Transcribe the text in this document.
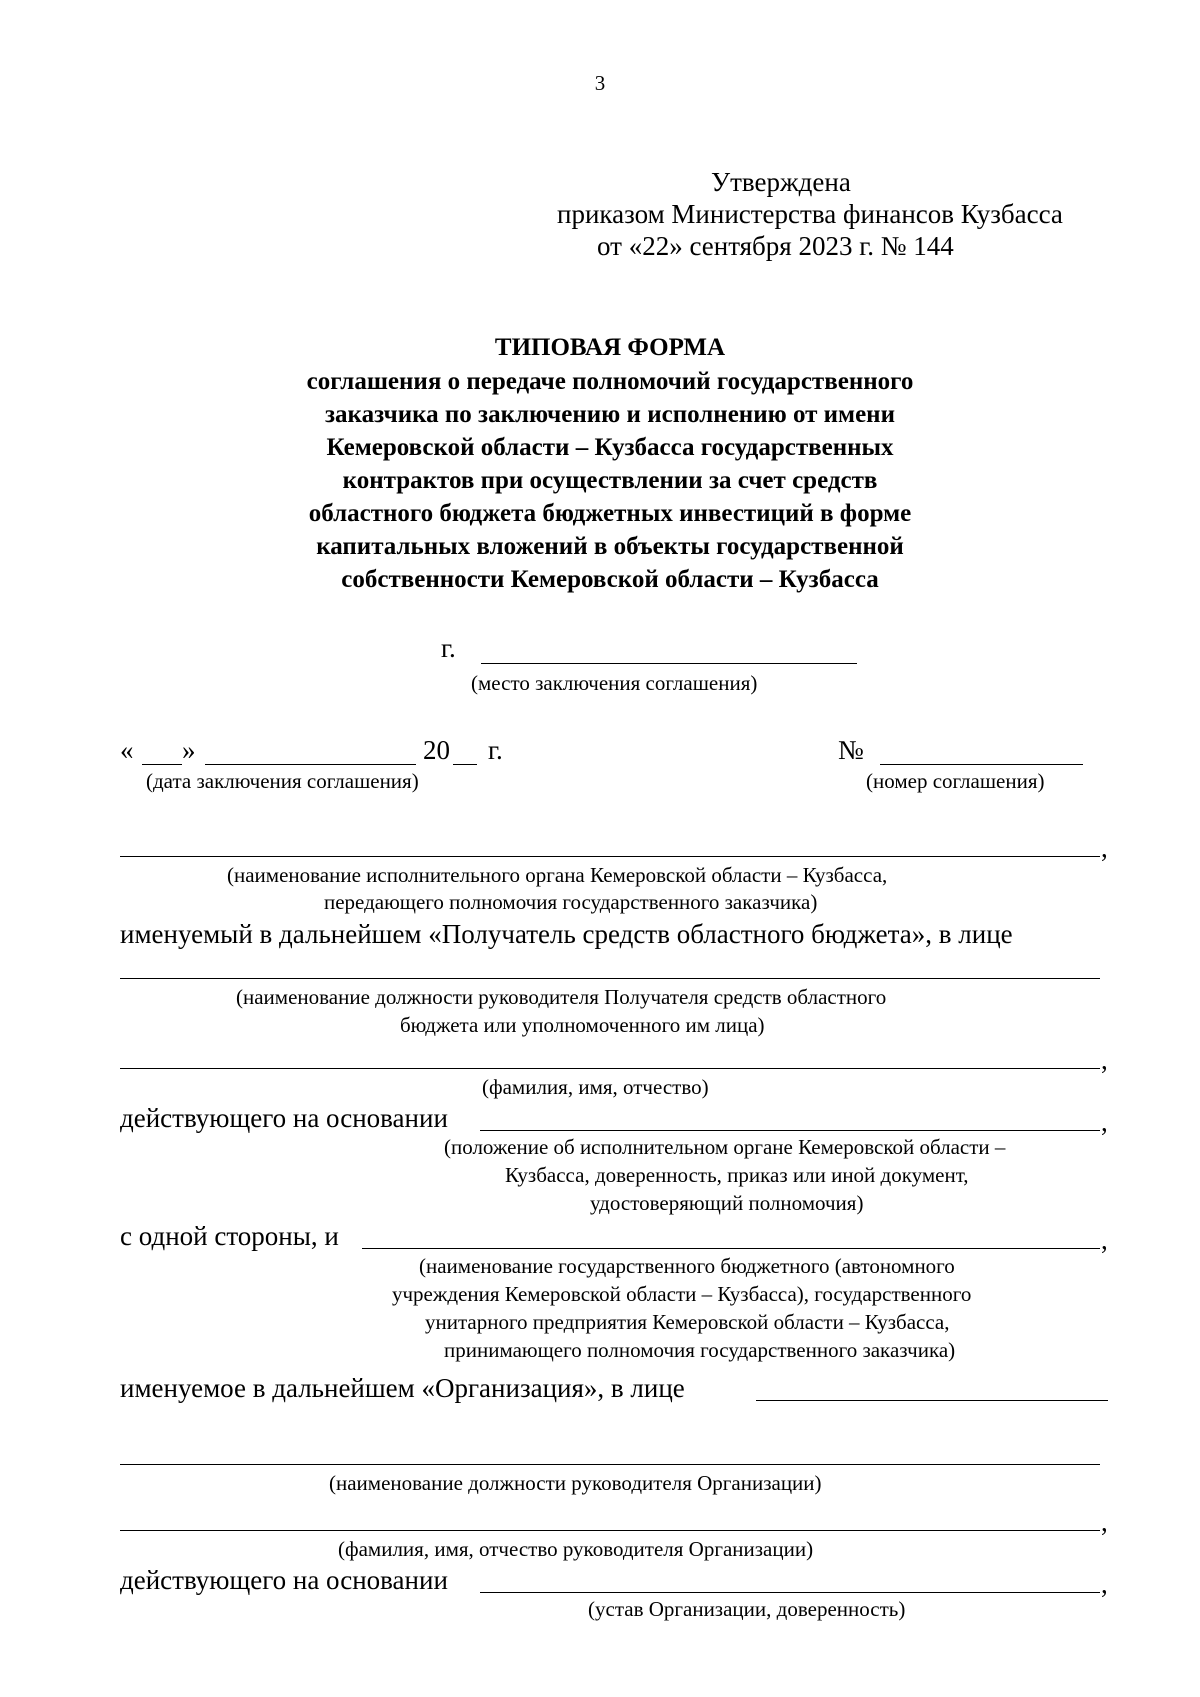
3
Утверждена
приказом Министерства финансов Кузбасса
от «22» сентября 2023 г. № 144
ТИПОВАЯ ФОРМА
соглашения о передаче полномочий государственного
заказчика по заключению и исполнению от имени
Кемеровской области – Кузбасса государственных
контрактов при осуществлении за счет средств
областного бюджета бюджетных инвестиций в форме
капитальных вложений в объекты государственной
собственности Кемеровской области – Кузбасса
г.
(место заключения соглашения)
« »	20 г.
(дата заключения соглашения)
№
(номер соглашения)
,
(наименование исполнительного органа Кемеровской области – Кузбасса,
передающего полномочия государственного заказчика)
именуемый в дальнейшем «Получатель средств областного бюджета», в лице
(наименование должности руководителя Получателя средств областного
бюджета или уполномоченного им лица)
,
(фамилия, имя, отчество)
действующего на основании	,
(положение об исполнительном органе Кемеровской области –
Кузбасса, доверенность, приказ или иной документ,
удостоверяющий полномочия)
с одной стороны, и	,
(наименование государственного бюджетного (автономного
учреждения Кемеровской области – Кузбасса), государственного
унитарного предприятия Кемеровской области – Кузбасса,
принимающего полномочия государственного заказчика)
именуемое в дальнейшем «Организация», в лице
(наименование должности руководителя Организации)
,
(фамилия, имя, отчество руководителя Организации)
действующего на основании	,
(устав Организации, доверенность)
